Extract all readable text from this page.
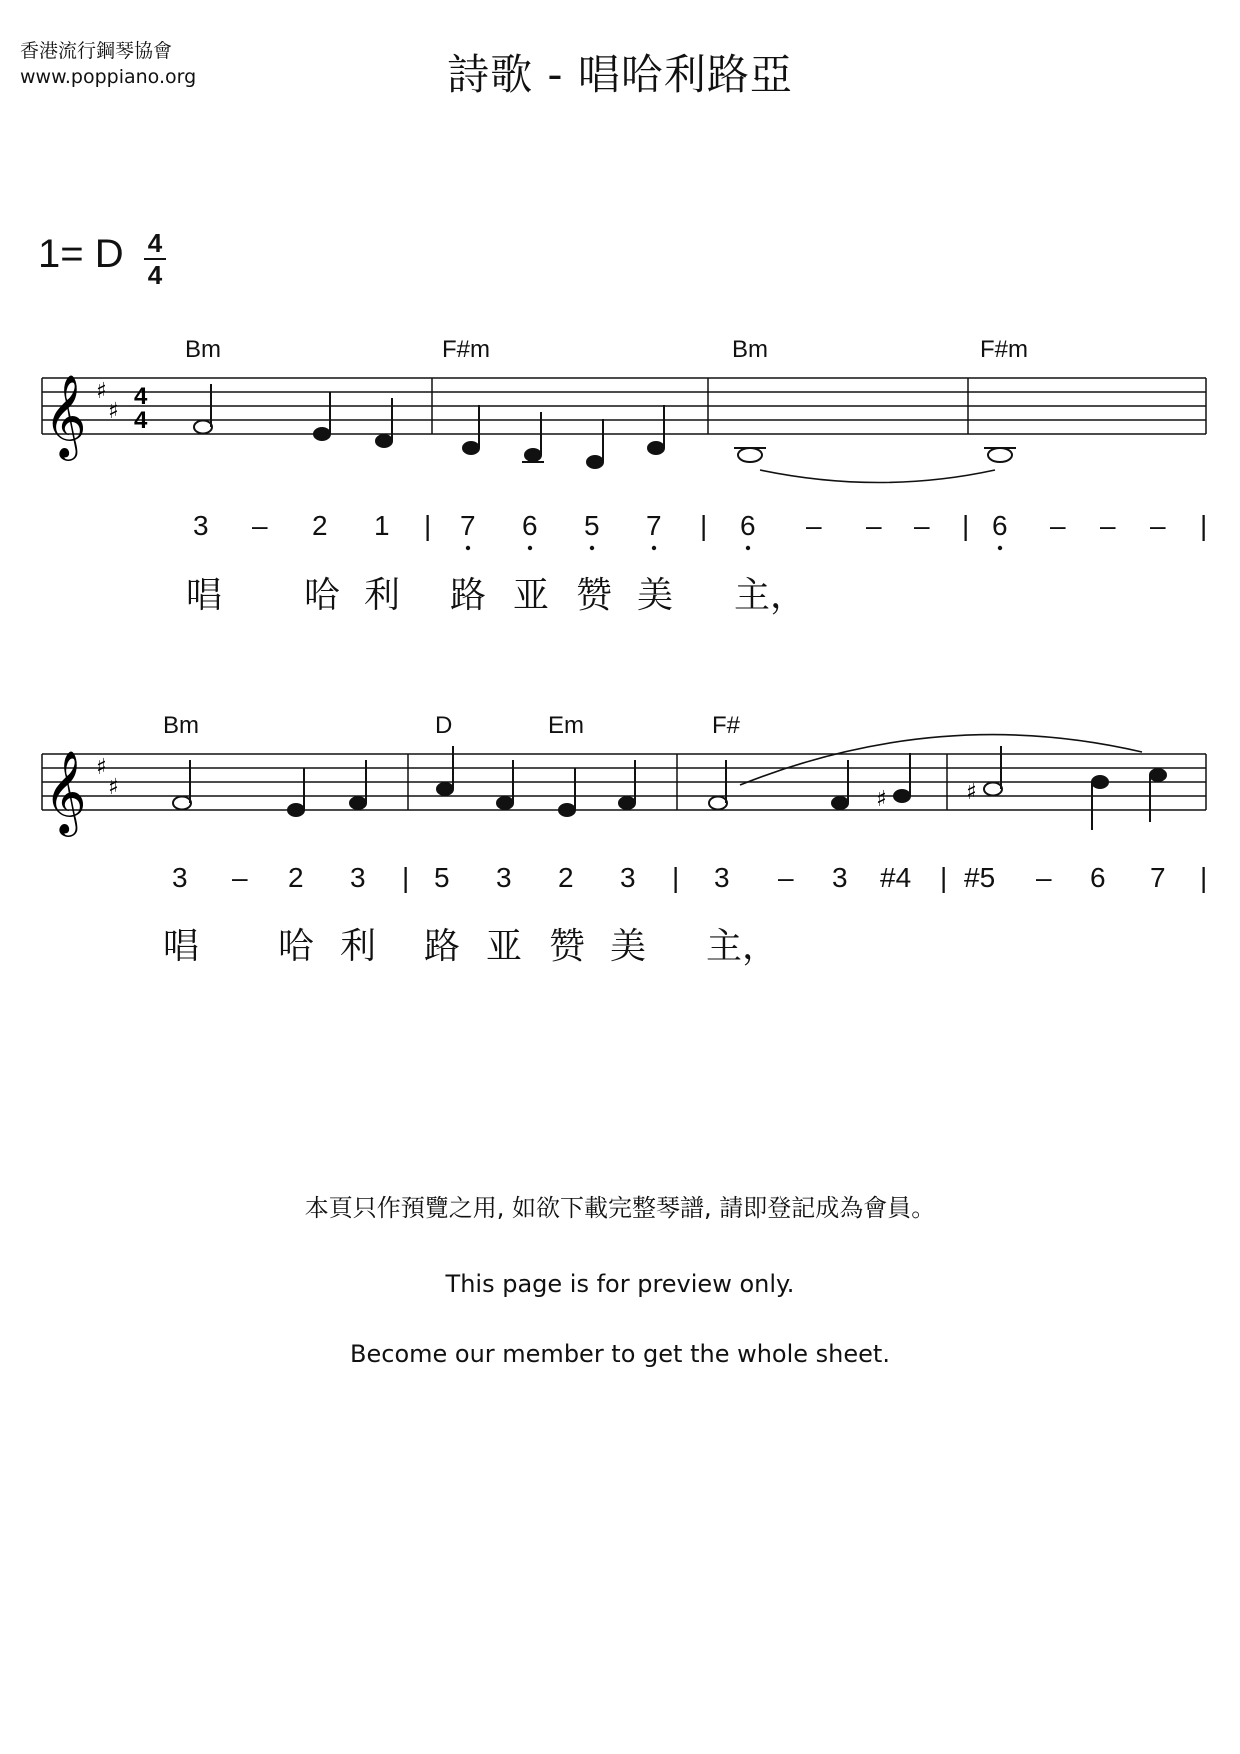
香港流行鋼琴協會
www.poppiano.org	詩歌 - 唱哈利路亞
1= D 4
4
Bm	F#m	Bm	F#m
𝄞 ♯
♯
4
4
3 – 2 1 | 7 6 5 7 | 6 – – – | 6 – – – |
唱 哈 利 路 亚 赞 美 主，
Bm	D	Em	F#
𝄞 ♯
♯	♯	♯
3 – 2 3 | 5 3 2 3 | 3 – 3 #4 | #5 – 6 7 |
唱 哈 利 路 亚 赞 美 主，
本頁只作預覽之用, 如欲下載完整琴譜, 請即登記成為會員。
This page is for preview only.
Become our member to get the whole sheet.
